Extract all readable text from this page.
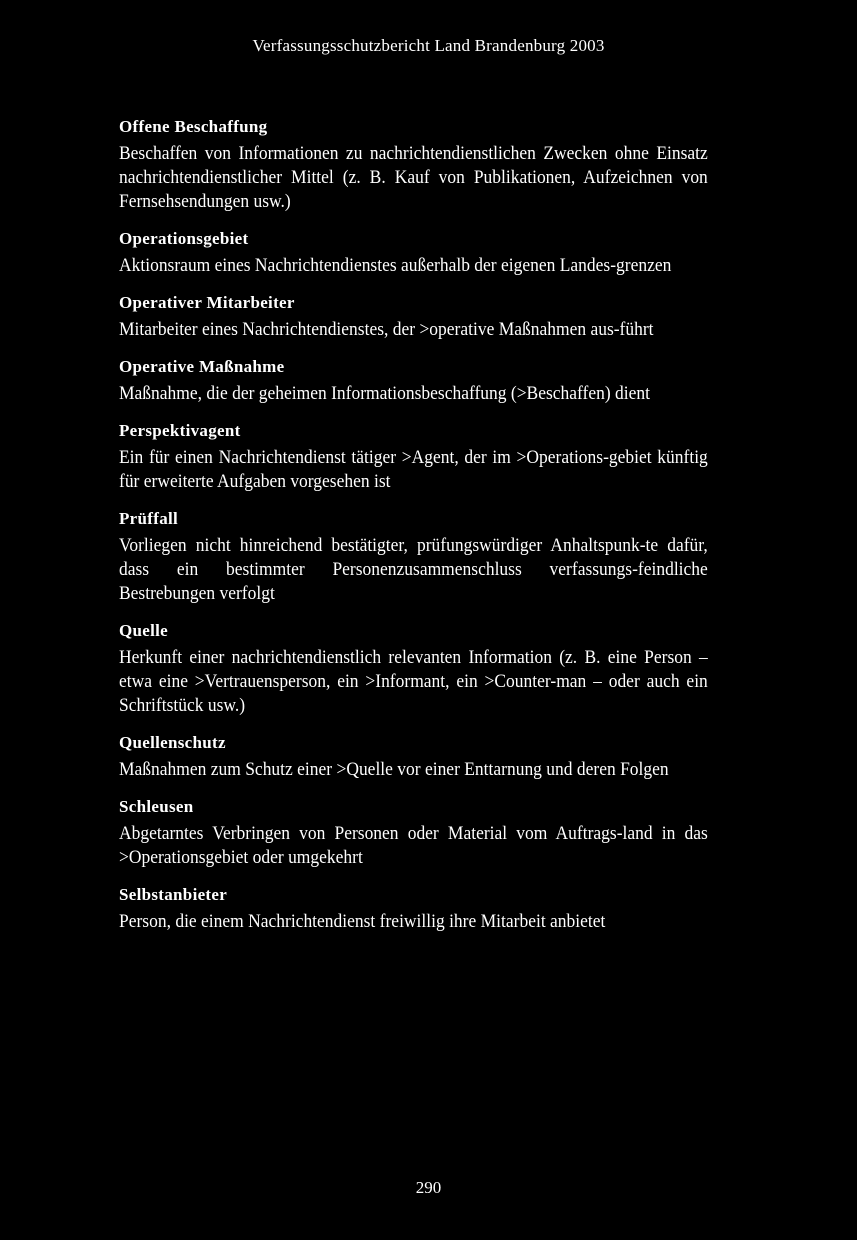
Verfassungsschutzbericht Land Brandenburg 2003
Offene Beschaffung
Beschaffen von Informationen zu nachrichtendienstlichen Zwecken ohne Einsatz nachrichtendienstlicher Mittel (z. B. Kauf von Publikationen, Aufzeichnen von Fernsehsendungen usw.)
Operationsgebiet
Aktionsraum eines Nachrichtendienstes außerhalb der eigenen Landes-grenzen
Operativer Mitarbeiter
Mitarbeiter eines Nachrichtendienstes, der >operative Maßnahmen aus-führt
Operative Maßnahme
Maßnahme, die der geheimen Informationsbeschaffung (>Beschaffen) dient
Perspektivagent
Ein für einen Nachrichtendienst tätiger >Agent, der im >Operations-gebiet künftig für erweiterte Aufgaben vorgesehen ist
Prüffall
Vorliegen nicht hinreichend bestätigter, prüfungswürdiger Anhaltspunk-te dafür, dass ein bestimmter Personenzusammenschluss verfassungs-feindliche Bestrebungen verfolgt
Quelle
Herkunft einer nachrichtendienstlich relevanten Information (z. B. eine Person – etwa eine >Vertrauensperson, ein >Informant, ein >Counter-man – oder auch ein Schriftstück usw.)
Quellenschutz
Maßnahmen zum Schutz einer >Quelle vor einer Enttarnung und deren Folgen
Schleusen
Abgetarntes Verbringen von Personen oder Material vom Auftrags-land in das >Operationsgebiet oder umgekehrt
Selbstanbieter
Person, die einem Nachrichtendienst freiwillig ihre Mitarbeit anbietet
290
